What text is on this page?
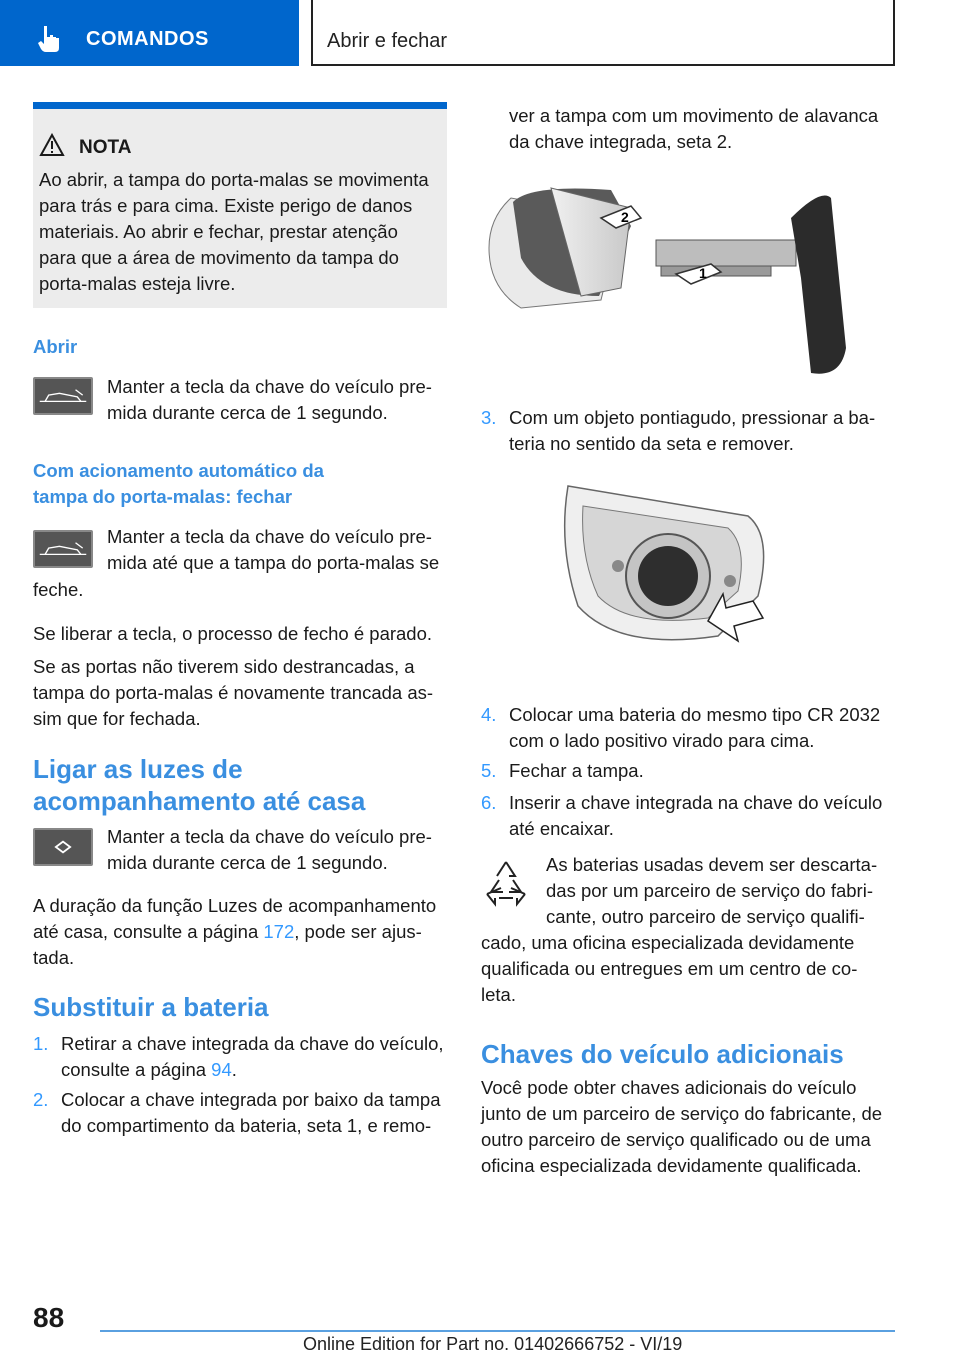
COMANDOS	Abrir e fechar
NOTA
Ao abrir, a tampa do porta-malas se movimenta
para trás e para cima. Existe perigo de danos
materiais. Ao abrir e fechar, prestar atenção
para que a área de movimento da tampa do
porta-malas esteja livre.
Abrir
Manter a tecla da chave do veículo pre-
mida durante cerca de 1 segundo.
Com acionamento automático da
tampa do porta-malas: fechar
Manter a tecla da chave do veículo pre-
mida até que a tampa do porta-malas se
feche.
Se liberar a tecla, o processo de fecho é parado.
Se as portas não tiverem sido destrancadas, a
tampa do porta-malas é novamente trancada as-
sim que for fechada.
Ligar as luzes de
acompanhamento até casa
Manter a tecla da chave do veículo pre-
mida durante cerca de 1 segundo.
A duração da função Luzes de acompanhamento
até casa, consulte a página 172, pode ser ajus-
tada.
Substituir a bateria
1. Retirar a chave integrada da chave do veículo,
consulte a página 94.
2. Colocar a chave integrada por baixo da tampa
do compartimento da bateria, seta 1, e remo-
ver a tampa com um movimento de alavanca
da chave integrada, seta 2.
2
1
3. Com um objeto pontiagudo, pressionar a ba-
teria no sentido da seta e remover.
4. Colocar uma bateria do mesmo tipo CR 2032
com o lado positivo virado para cima.
5. Fechar a tampa.
6. Inserir a chave integrada na chave do veículo
até encaixar.
As baterias usadas devem ser descarta-
das por um parceiro de serviço do fabri-
cante, outro parceiro de serviço qualifi-
cado, uma oficina especializada devidamente
qualificada ou entregues em um centro de co-
leta.
Chaves do veículo adicionais
Você pode obter chaves adicionais do veículo
junto de um parceiro de serviço do fabricante, de
outro parceiro de serviço qualificado ou de uma
oficina especializada devidamente qualificada.
88
Online Edition for Part no. 01402666752 - VI/19
